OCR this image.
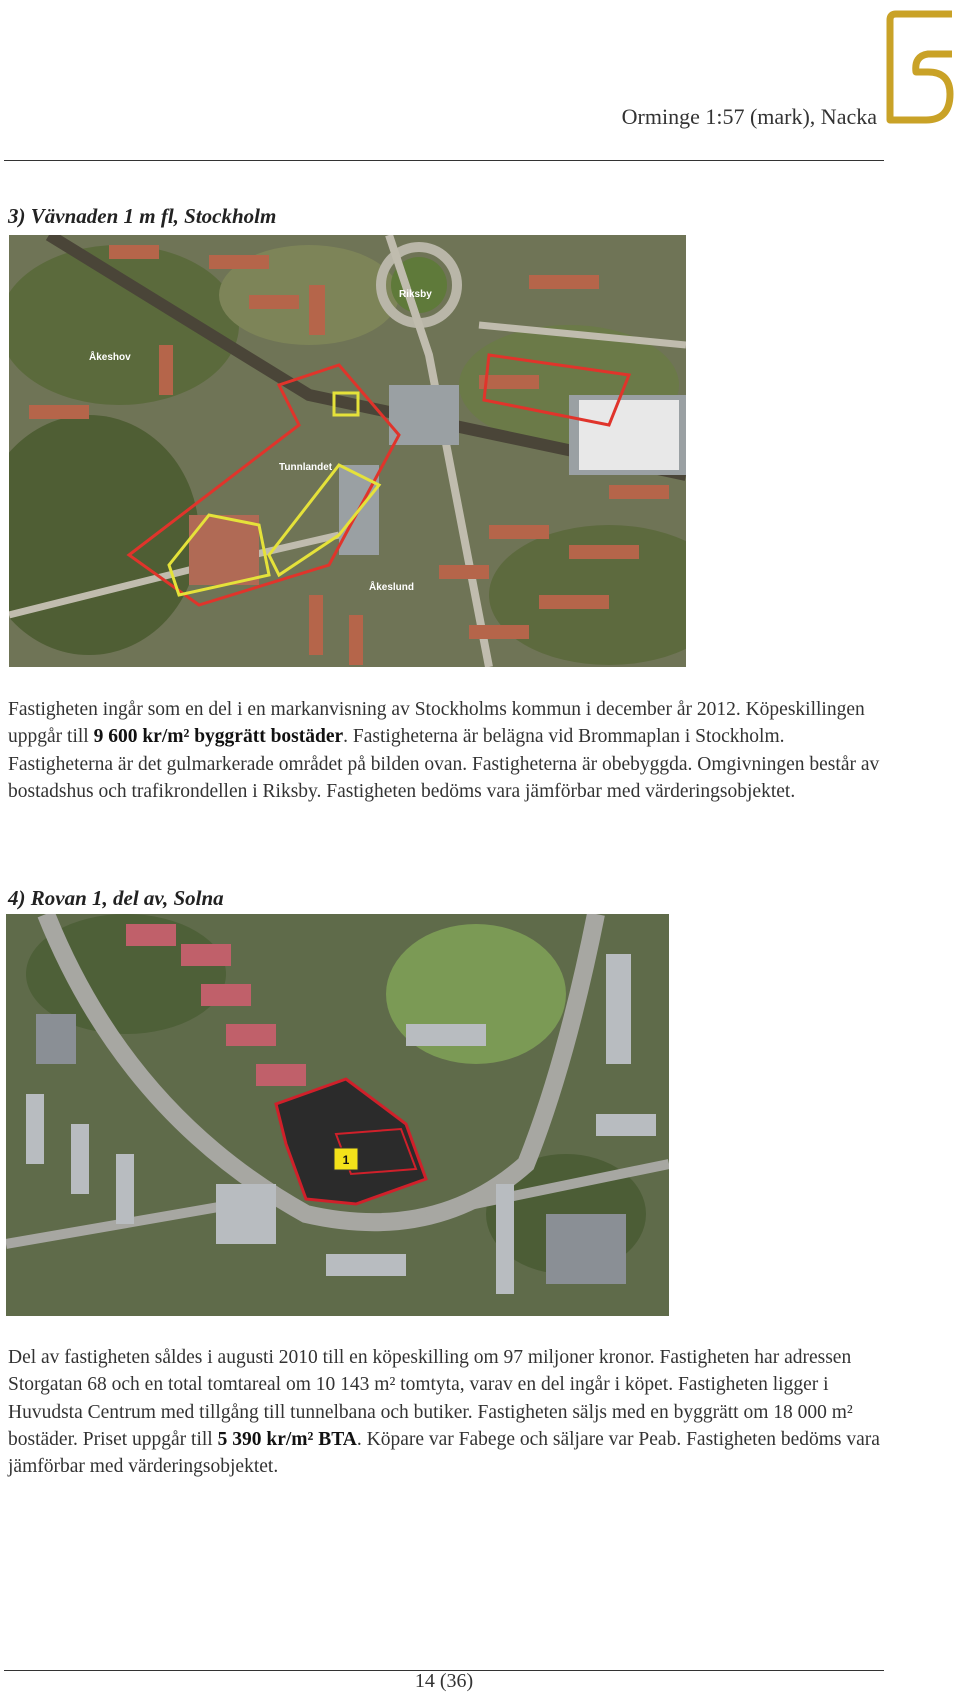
Orminge 1:57 (mark), Nacka
3) Vävnaden 1 m fl, Stockholm
Riksby
Åkeshov
Tunnlandet
Åkeslund
Fastigheten ingår som en del i en markanvisning av Stockholms kommun i december år 2012. Köpeskillingen uppgår till 9 600 kr/m² byggrätt bostäder. Fastigheterna är belägna vid Brommaplan i Stockholm. Fastigheterna är det gulmarkerade området på bilden ovan. Fastigheterna är obebyggda. Omgivningen består av bostadshus och trafikrondellen i Riksby. Fastigheten bedöms vara jämförbar med värderingsobjektet.
4) Rovan 1, del av, Solna
1
Del av fastigheten såldes i augusti 2010 till en köpeskilling om 97 miljoner kronor. Fastigheten har adressen Storgatan 68 och en total tomtareal om 10 143 m² tomtyta, varav en del ingår i köpet. Fastigheten ligger i Huvudsta Centrum med tillgång till tunnelbana och butiker. Fastigheten säljs med en byggrätt om 18 000 m² bostäder. Priset uppgår till 5 390 kr/m² BTA. Köpare var Fabege och säljare var Peab. Fastigheten bedöms vara jämförbar med värderingsobjektet.
14 (36)
